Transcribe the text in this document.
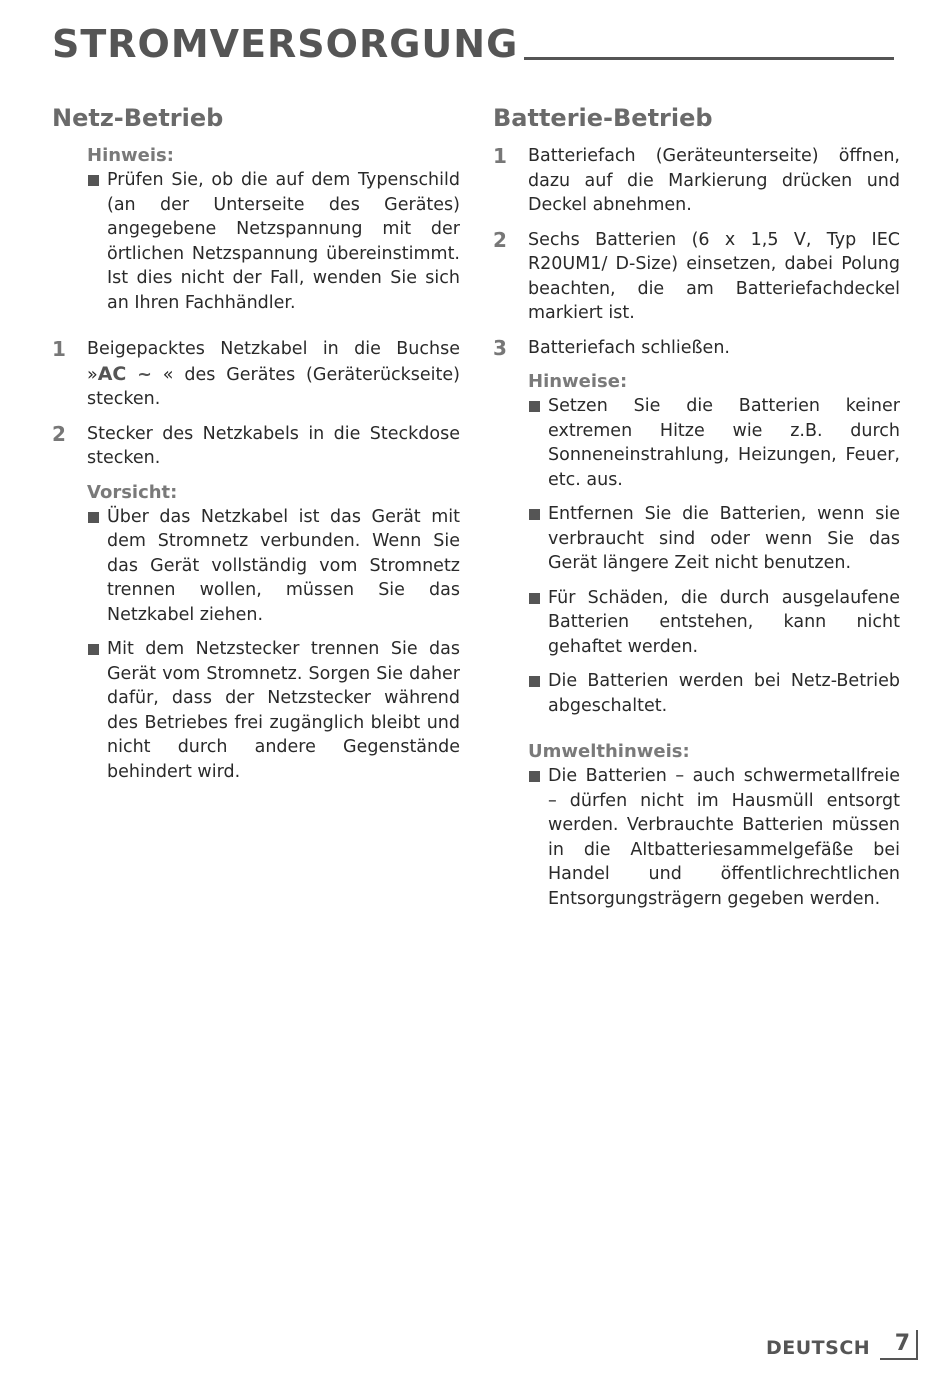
STROMVERSORGUNG
Netz-Betrieb
Hinweis:

Prüfen Sie, ob die auf dem Typenschild (an der Unterseite des Gerätes) angegebene Netzspannung mit der örtlichen Netzspannung übereinstimmt. Ist dies nicht der Fall, wenden Sie sich an Ihren Fachhändler.

1 Beigepacktes Netzkabel in die Buchse »AC ~ « des Gerätes (Geräterückseite) stecken.
2 Stecker des Netzkabels in die Steckdose stecken.
Vorsicht:

Über das Netzkabel ist das Gerät mit dem Stromnetz verbunden. Wenn Sie das Gerät vollständig vom Stromnetz trennen wollen, müssen Sie das Netzkabel ziehen.

Mit dem Netzstecker trennen Sie das Gerät vom Stromnetz. Sorgen Sie daher dafür, dass der Netzstecker während des Betriebes frei zugänglich bleibt und nicht durch andere Gegenstände behindert wird.

Batterie-Betrieb
1 Batteriefach (Geräteunterseite) öffnen, dazu auf die Markierung drücken und Deckel abnehmen.
2 Sechs Batterien (6 x 1,5 V, Typ IEC R20UM1/ D-Size) einsetzen, dabei Polung beachten, die am Batteriefachdeckel markiert ist.
3 Batteriefach schließen.
Hinweise:

Setzen Sie die Batterien keiner extremen Hitze wie z.B. durch Sonneneinstrahlung, Heizungen, Feuer, etc. aus.

Entfernen Sie die Batterien, wenn sie verbraucht sind oder wenn Sie das Gerät längere Zeit nicht benutzen.

Für Schäden, die durch ausgelaufene Batterien entstehen, kann nicht gehaftet werden.

Die Batterien werden bei Netz-Betrieb abgeschaltet.

Umwelthinweis:

Die Batterien – auch schwermetallfreie – dürfen nicht im Hausmüll entsorgt werden. Verbrauchte Batterien müssen in die Altbatteriesammelgefäße bei Handel und öffentlichrechtlichen Entsorgungsträgern gegeben werden.

DEUTSCH	7
